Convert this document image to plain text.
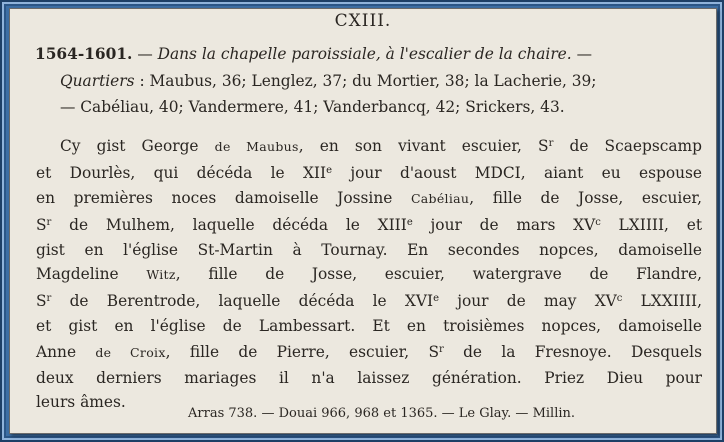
CXIII.
1564-1601. — Dans la chapelle paroissiale, à l'escalier de la chaire. —
Quartiers : Maubus, 36; Lenglez, 37; du Mortier, 38; la Lacherie, 39;
— Cabéliau, 40; Vandermere, 41; Vanderbancq, 42; Srickers, 43.
Cy gist George de Maubus, en son vivant escuier, $S^r$ de Scaepscamp
et Dourlès, qui décéda le XIIe jour d'aoust MDCI, aiant eu espouse
en premières noces damoiselle Jossine Cabéliau, fille de Josse, escuier,
$S^r$ de Mulhem, laquelle décéda le XIIIe jour de mars $XV^c$ LXIIII, et
gist en l'église St-Martin à Tournay. En secondes nopces, damoiselle
Magdeline Witz, fille de Josse, escuier, watergrave de Flandre,
$S^r$ de Berentrode, laquelle décéda le XVIe jour de may $XV^c$ LXXIIII,
et gist en l'église de Lambessart. Et en troisièmes nopces, damoiselle
Anne de Croix, fille de Pierre, escuier, $S^r$ de la Fresnoye. Desquels
deux derniers mariages il n'a laissez génération. Priez Dieu pour
leurs âmes.
Arras 738. — Douai 966, 968 et 1365. — Le Glay. — Millin.
